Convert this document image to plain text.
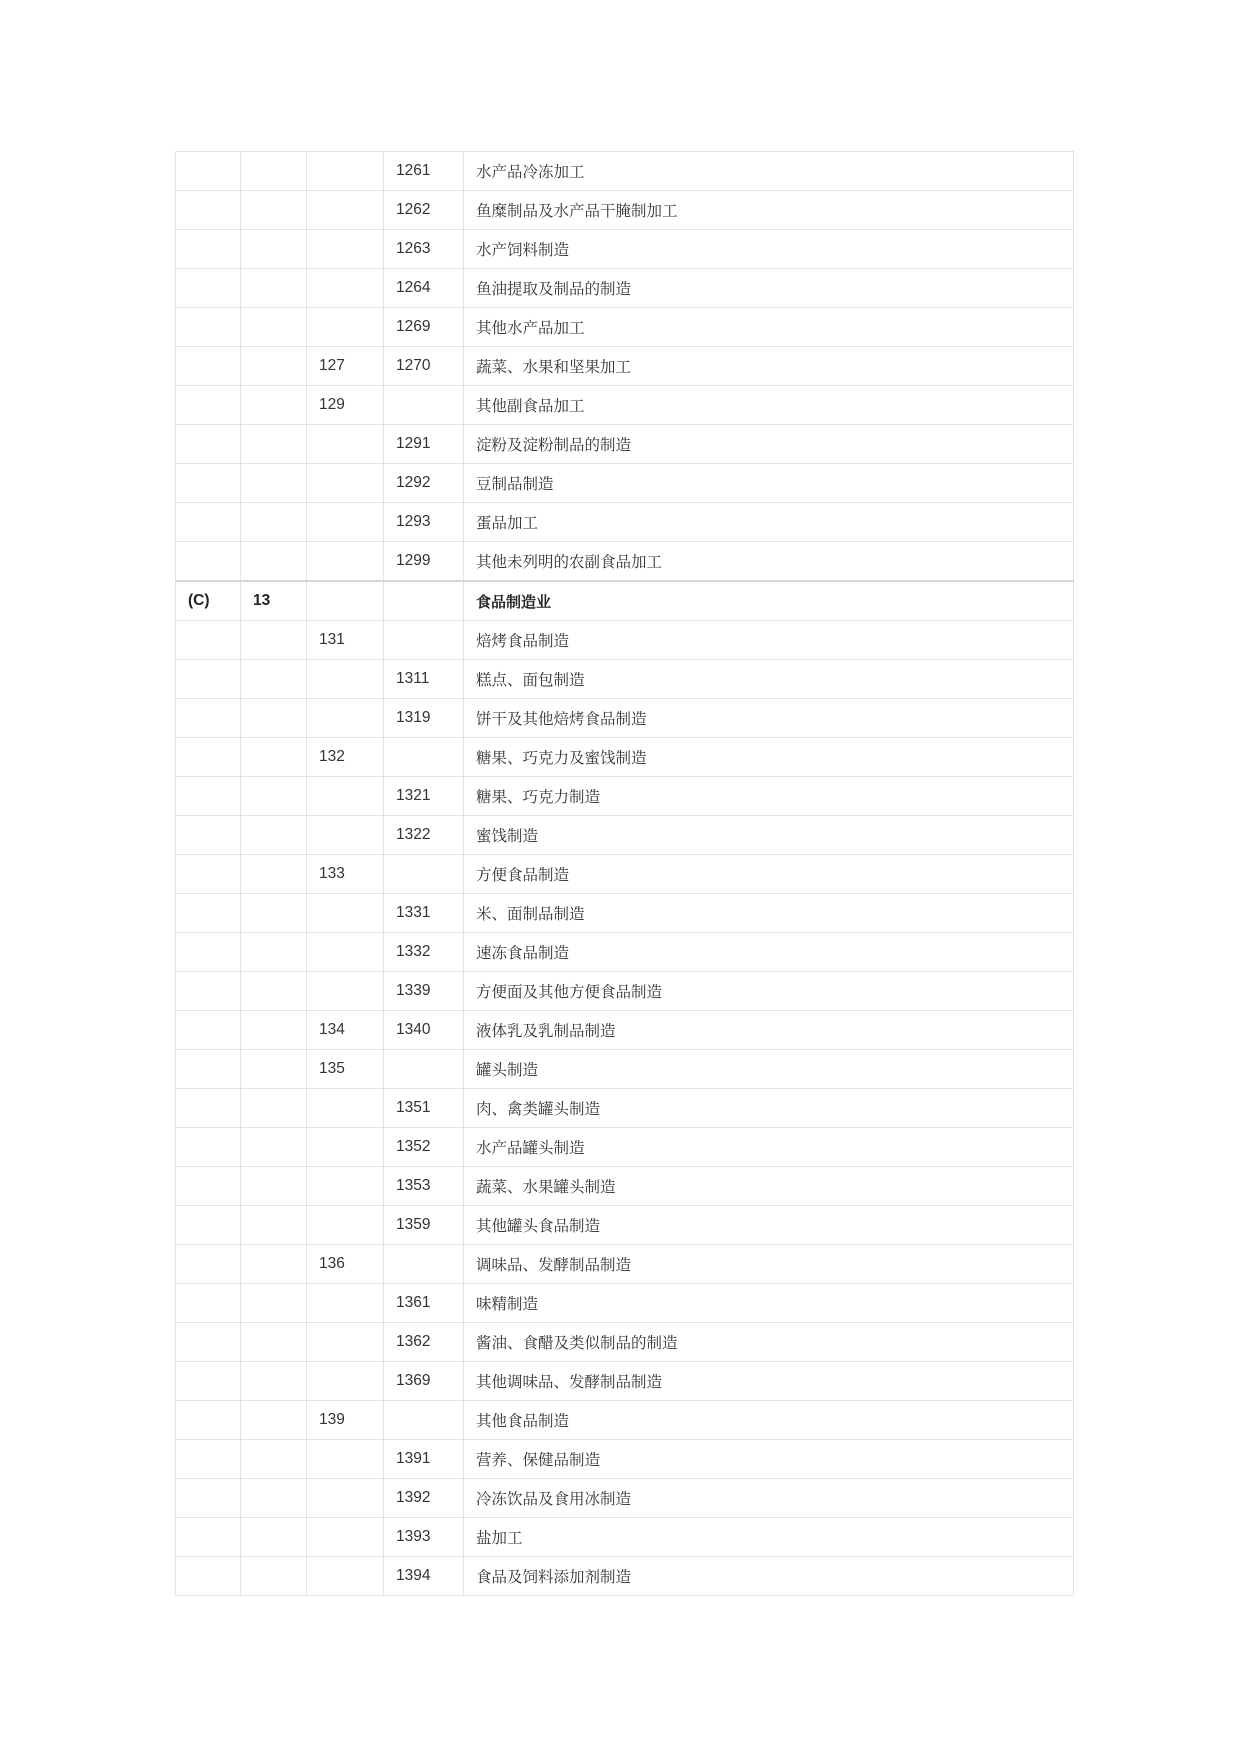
			1261	水产品冷冻加工
			1262	鱼糜制品及水产品干腌制加工
			1263	水产饲料制造
			1264	鱼油提取及制品的制造
			1269	其他水产品加工
		127	1270	蔬菜、水果和坚果加工
		129		其他副食品加工
			1291	淀粉及淀粉制品的制造
			1292	豆制品制造
			1293	蛋品加工
			1299	其他未列明的农副食品加工
(C)	13			食品制造业
		131		焙烤食品制造
			1311	糕点、面包制造
			1319	饼干及其他焙烤食品制造
		132		糖果、巧克力及蜜饯制造
			1321	糖果、巧克力制造
			1322	蜜饯制造
		133		方便食品制造
			1331	米、面制品制造
			1332	速冻食品制造
			1339	方便面及其他方便食品制造
		134	1340	液体乳及乳制品制造
		135		罐头制造
			1351	肉、禽类罐头制造
			1352	水产品罐头制造
			1353	蔬菜、水果罐头制造
			1359	其他罐头食品制造
		136		调味品、发酵制品制造
			1361	味精制造
			1362	酱油、食醋及类似制品的制造
			1369	其他调味品、发酵制品制造
		139		其他食品制造
			1391	营养、保健品制造
			1392	冷冻饮品及食用冰制造
			1393	盐加工
			1394	食品及饲料添加剂制造
